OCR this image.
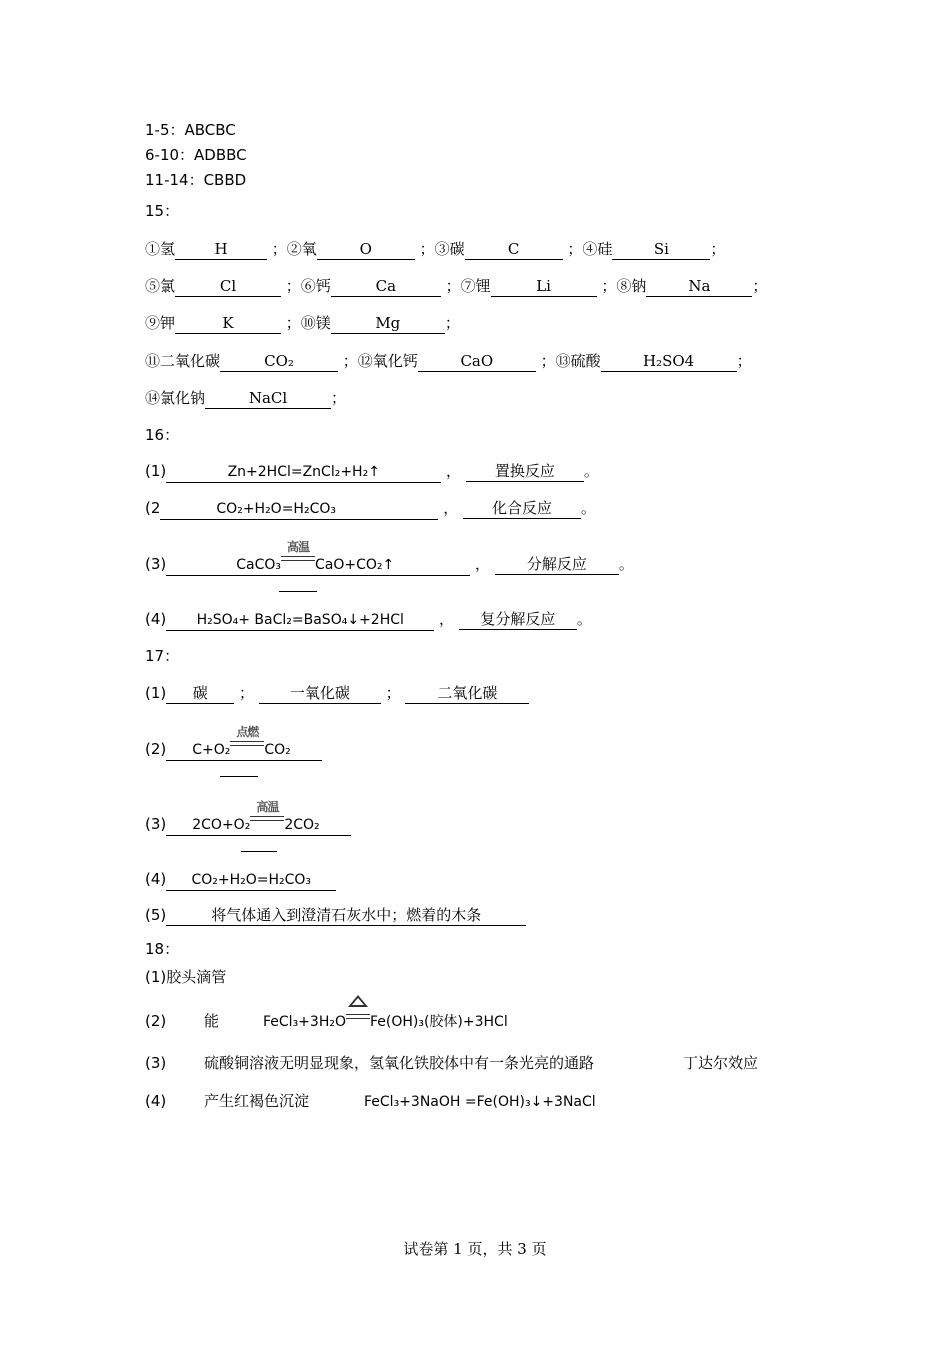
1-5：ABCBC
6-10：ADBBC
11-14：CBBD
15：
①氢	H	；②氧	O	；③碳	C	；④硅	Si	；
⑤氯	Cl	；⑥钙	Ca	；⑦锂	Li	；⑧钠	Na	；
⑨钾	K	；⑩镁	Mg	；
⑪二氧化碳	CO₂	；⑫氧化钙	CaO	；⑬硫酸	H₂SO4	；
⑭氯化钠	NaCl	；
16：
(1)	Zn+2HCl=ZnCl₂+H₂↑	， 置换反应 。
(2	CO₂+H₂O=H₂CO₃	， 化合反应 。
(3)	CaCO₃
高温
CaO+CO₂↑	， 分解反应 。
(4) H₂SO₄+ BaCl₂=BaSO₄↓+2HCl ， 复分解反应 。
17：
(1) 碳 ； 一氧化碳 ； 二氧化碳
(2) C+O₂
点燃
CO₂
(3) 2CO+O₂
高温
2CO₂
(4) CO₂+H₂O=H₂CO₃
(5)	将气体通入到澄清石灰水中；燃着的木条
18：
(1)胶头滴管
(2)	能	FeCl₃+3H₂O Fe(OH)₃(胶体)+3HCl
(3)	硫酸铜溶液无明显现象，氢氧化铁胶体中有一条光亮的通路	丁达尔效应
(4)	产生红褐色沉淀	FeCl₃+3NaOH =Fe(OH)₃↓+3NaCl
试卷第 1 页，共 3 页
